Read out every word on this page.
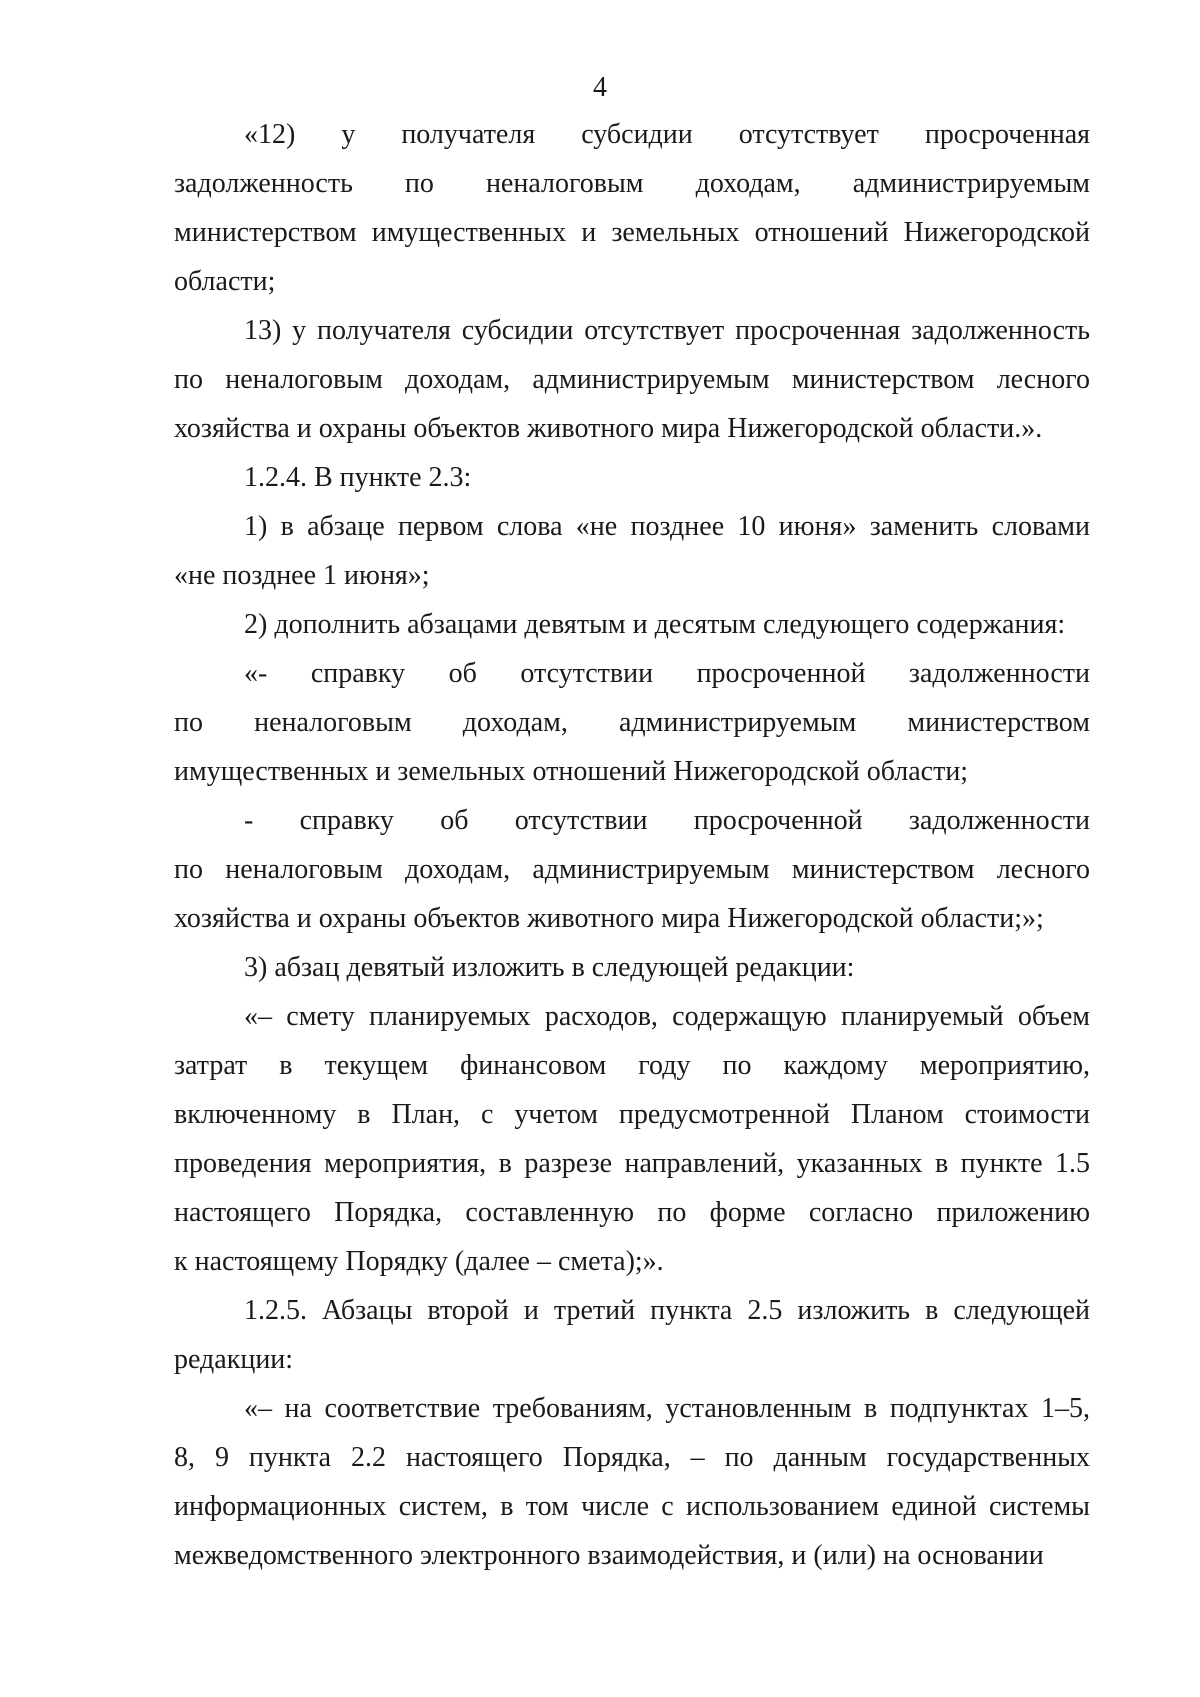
4
«12) у получателя субсидии отсутствует просроченная
задолженность по неналоговым доходам, администрируемым
министерством имущественных и земельных отношений Нижегородской
области;
13) у получателя субсидии отсутствует просроченная задолженность
по неналоговым доходам, администрируемым министерством лесного
хозяйства и охраны объектов животного мира Нижегородской области.».
1.2.4. В пункте 2.3:
1) в абзаце первом слова «не позднее 10 июня» заменить словами
«не позднее 1 июня»;
2) дополнить абзацами девятым и десятым следующего содержания:
«- справку об отсутствии просроченной задолженности
по неналоговым доходам, администрируемым министерством
имущественных и земельных отношений Нижегородской области;
- справку об отсутствии просроченной задолженности
по неналоговым доходам, администрируемым министерством лесного
хозяйства и охраны объектов животного мира Нижегородской области;»;
3) абзац девятый изложить в следующей редакции:
«– смету планируемых расходов, содержащую планируемый объем
затрат в текущем финансовом году по каждому мероприятию,
включенному в План, с учетом предусмотренной Планом стоимости
проведения мероприятия, в разрезе направлений, указанных в пункте 1.5
настоящего Порядка, составленную по форме согласно приложению
к настоящему Порядку (далее – смета);».
1.2.5. Абзацы второй и третий пункта 2.5 изложить в следующей
редакции:
«– на соответствие требованиям, установленным в подпунктах 1–5,
8, 9 пункта 2.2 настоящего Порядка, – по данным государственных
информационных систем, в том числе с использованием единой системы
межведомственного электронного взаимодействия, и (или) на основании
